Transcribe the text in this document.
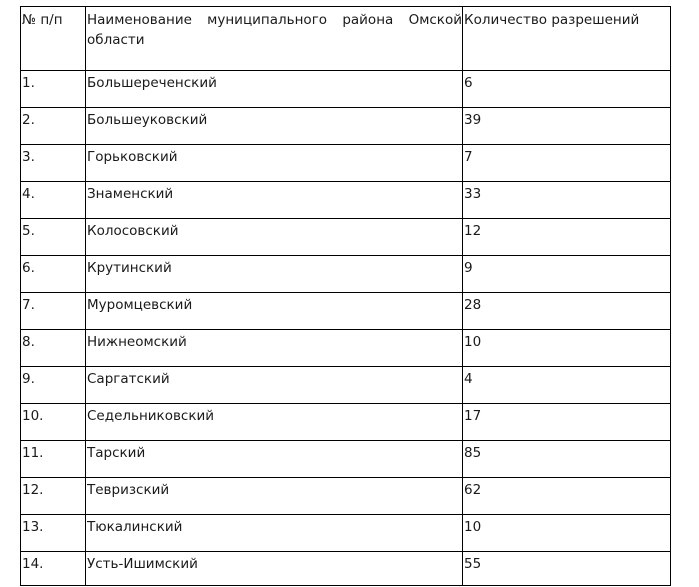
№ п/п	Наименование муниципального района Омской области	Количество разрешений
1.	Большереченский	6
2.	Большеуковский	39
3.	Горьковский	7
4.	Знаменский	33
5.	Колосовский	12
6.	Крутинский	9
7.	Муромцевский	28
8.	Нижнеомский	10
9.	Саргатский	4
10.	Седельниковский	17
11.	Тарский	85
12.	Тевризский	62
13.	Тюкалинский	10
14.	Усть-Ишимский	55
